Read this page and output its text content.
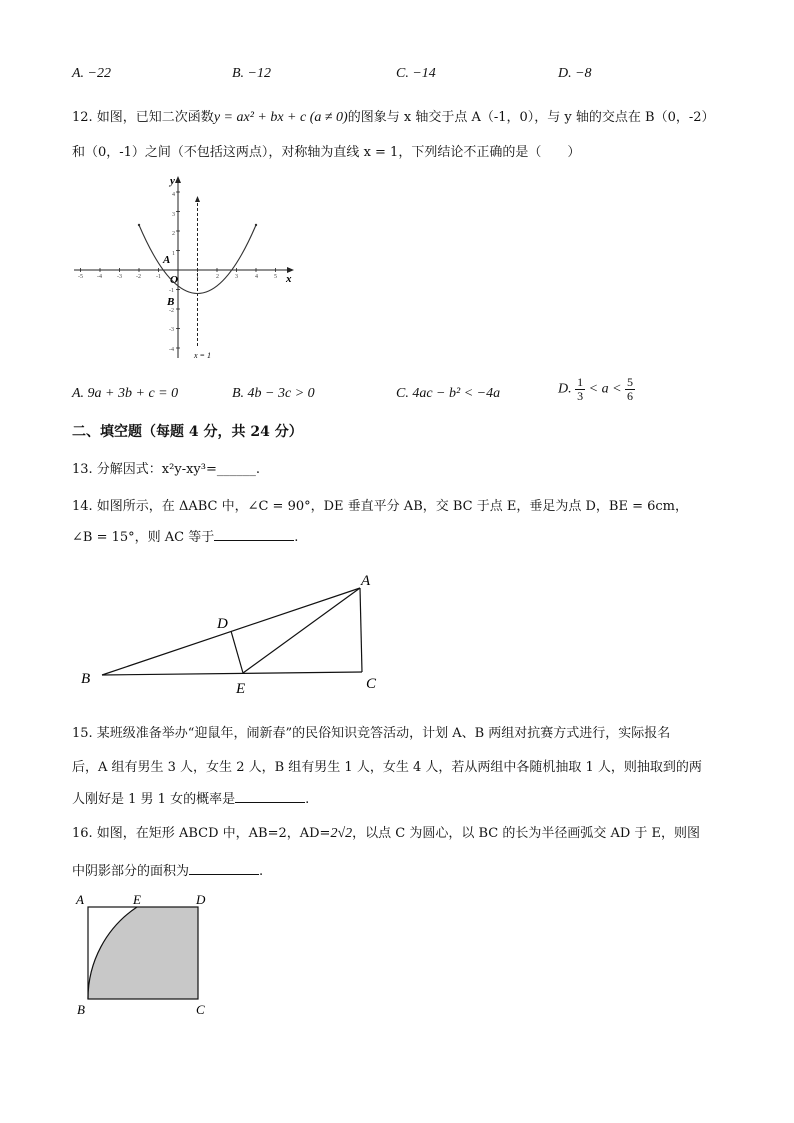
A. −22	B. −12	C. −14	D. −8
12. 如图，已知二次函数y = ax² + bx + c (a ≠ 0)的图象与 x 轴交于点 A（-1，0），与 y 轴的交点在 B（0，-2）
和（0，-1）之间（不包括这两点），对称轴为直线 x = 1，下列结论不正确的是（　　）
x
y
O
-5 -4	-3 -2	-1	1	2	3	4	5
4
3
2
1
-1
-2
-3
-4
x = 1
A
B
A. 9a + 3b + c = 0	B. 4b − 3c > 0	C. 4ac − b² < −4a	D. $\frac{1}{3} < a < \frac{5}{6}$
二、填空题（每题 4 分，共 24 分）
13. 分解因式：x²y-xy³=______.
14. 如图所示，在 ΔABC 中，∠C = 90°，DE 垂直平分 AB，交 BC 于点 E，垂足为点 D，BE = 6cm，
∠B = 15°，则 AC 等于	.
A
B	C
D
E
15. 某班级准备举办“迎鼠年，闹新春”的民俗知识竞答活动，计划 A、B 两组对抗赛方式进行，实际报名
后，A 组有男生 3 人，女生 2 人，B 组有男生 1 人，女生 4 人，若从两组中各随机抽取 1 人，则抽取到的两
人刚好是 1 男 1 女的概率是	.
16. 如图，在矩形 ABCD 中，AB=2，AD=2√2，以点 C 为圆心，以 BC 的长为半径画弧交 AD 于 E，则图
中阴影部分的面积为	.
A	E	D
B	C
